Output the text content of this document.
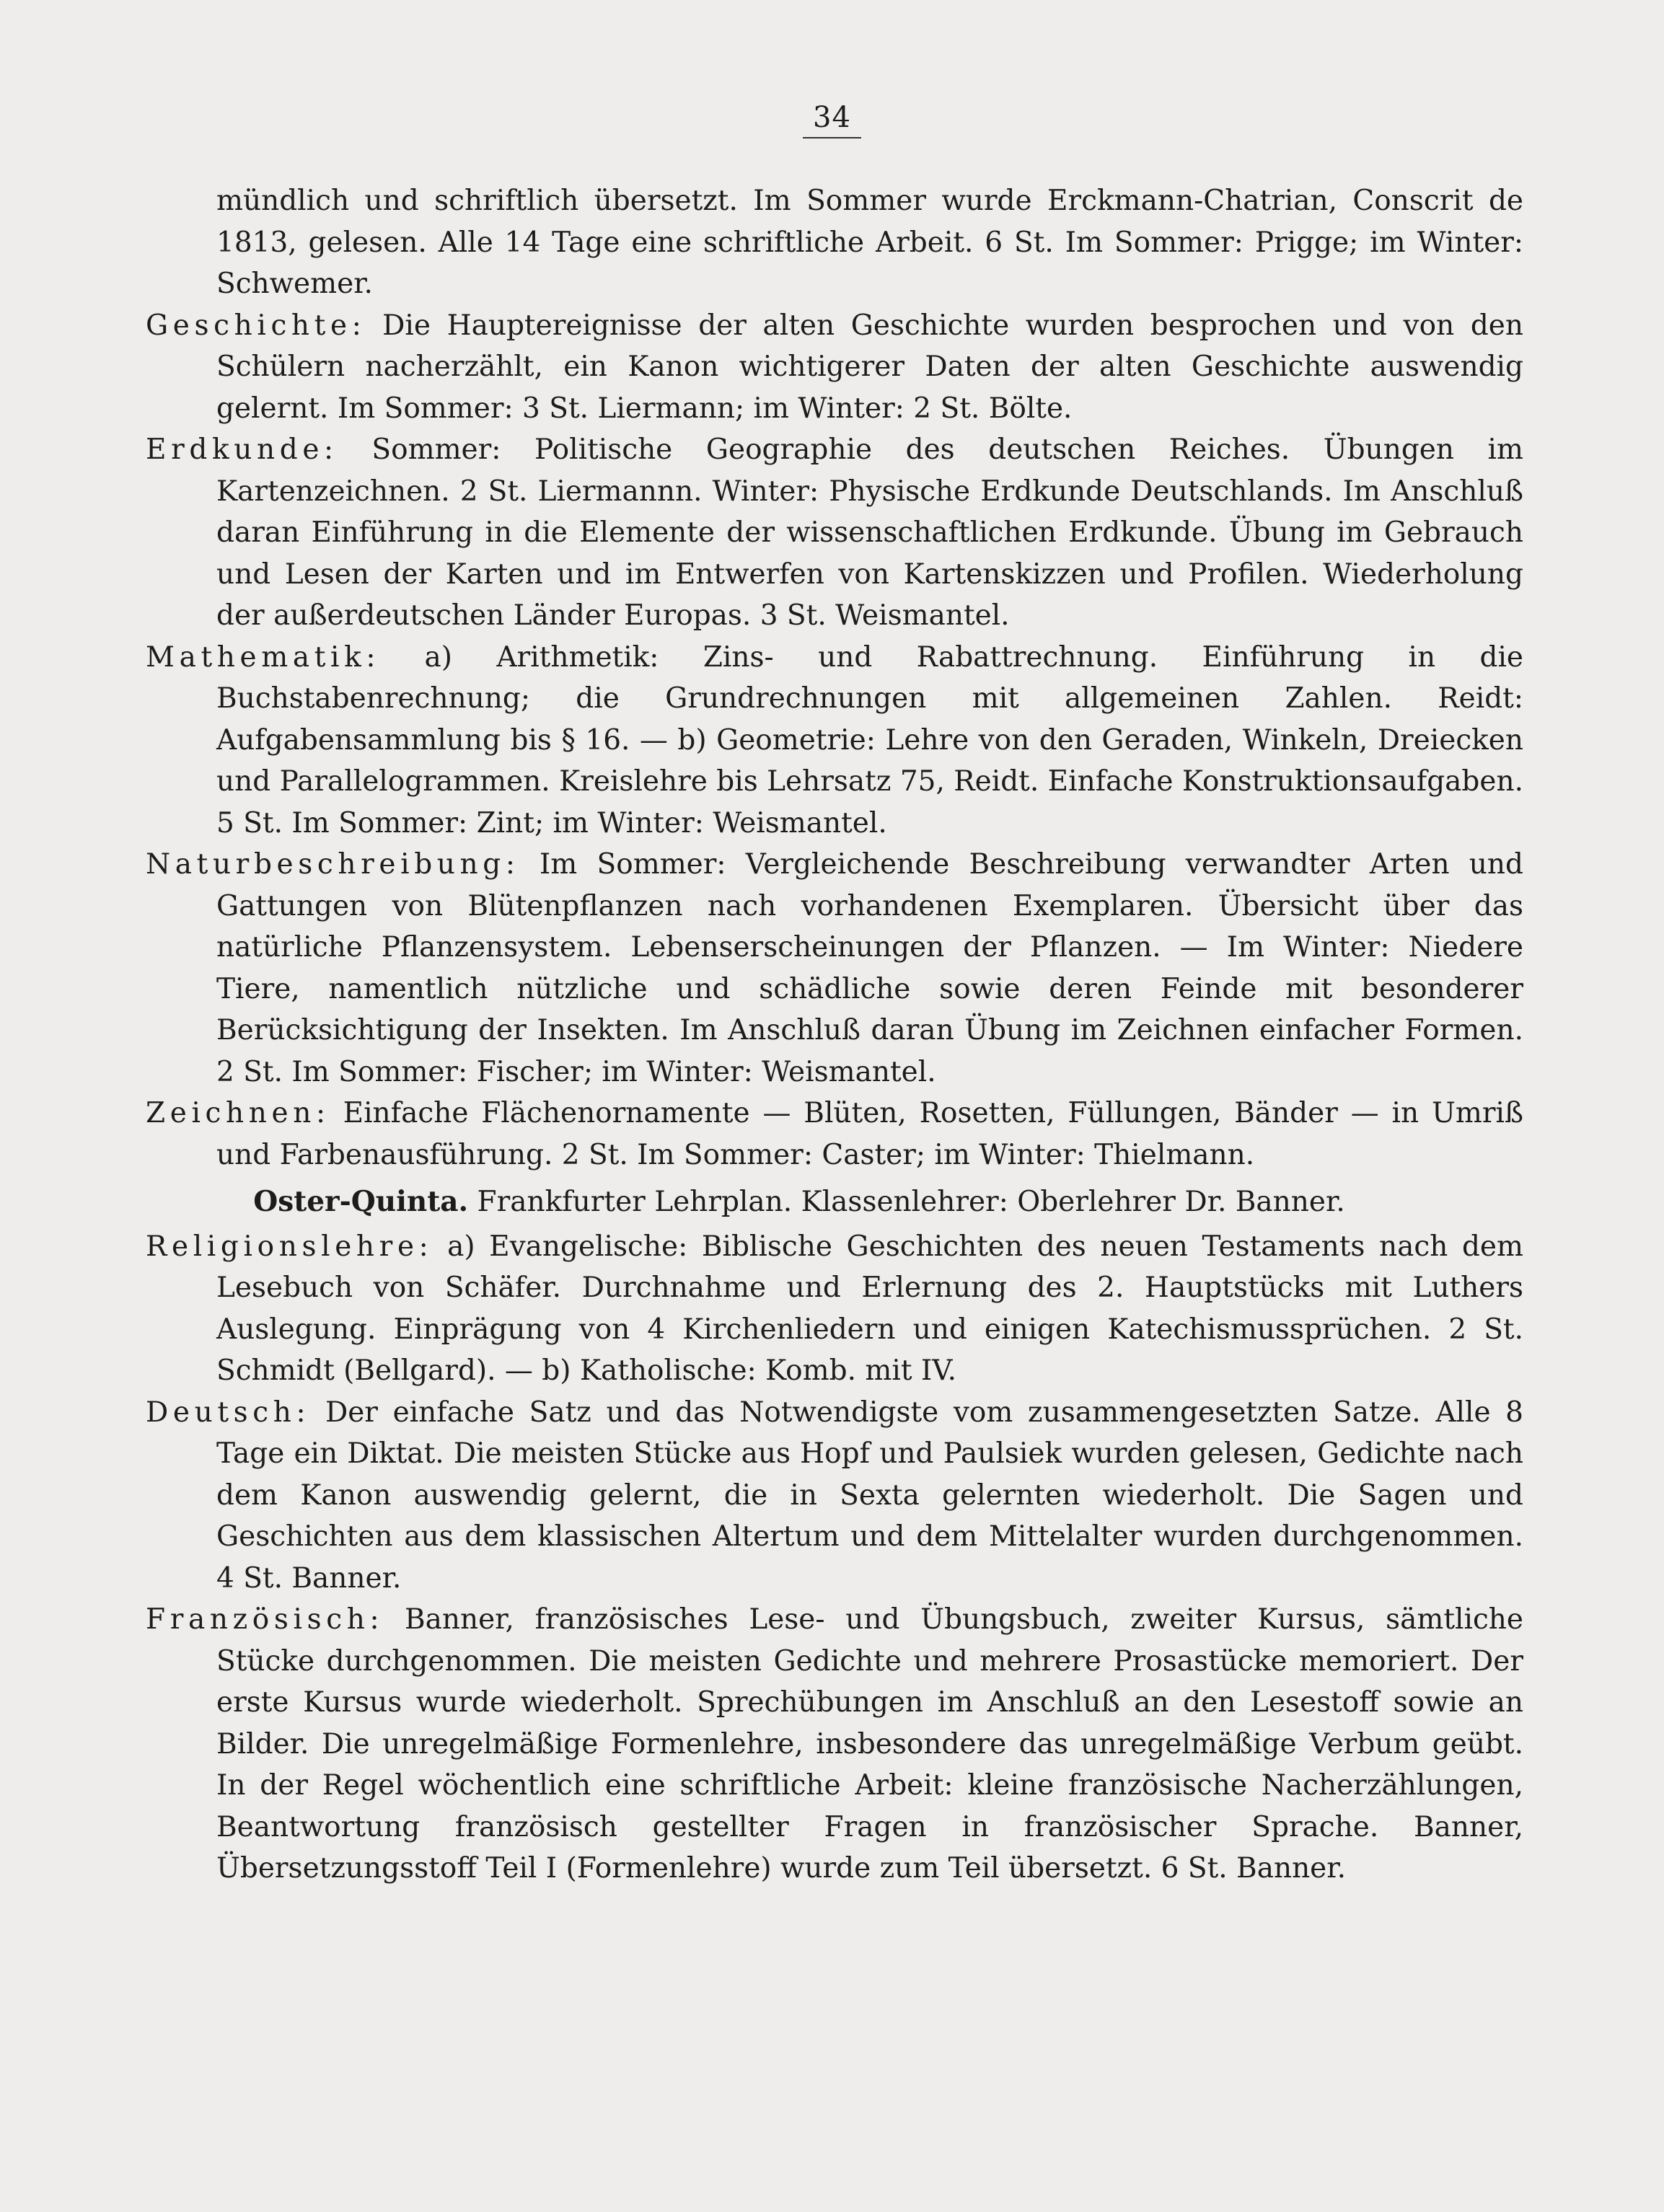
34

mündlich und schriftlich übersetzt. Im Sommer wurde Erckmann-Chatrian, Conscrit de 1813, gelesen. Alle 14 Tage eine schriftliche Arbeit. 6 St. Im Sommer: Prigge; im Winter: Schwemer.

Geschichte: Die Hauptereignisse der alten Geschichte wurden besprochen und von den Schülern nacherzählt, ein Kanon wichtigerer Daten der alten Geschichte auswendig gelernt. Im Sommer: 3 St. Liermann; im Winter: 2 St. Bölte.

Erdkunde: Sommer: Politische Geographie des deutschen Reiches. Übungen im Kartenzeichnen. 2 St. Liermannn. Winter: Physische Erdkunde Deutschlands. Im Anschluß daran Einführung in die Elemente der wissenschaftlichen Erdkunde. Übung im Gebrauch und Lesen der Karten und im Entwerfen von Kartenskizzen und Profilen. Wiederholung der außerdeutschen Länder Europas. 3 St. Weismantel.

Mathematik: a) Arithmetik: Zins- und Rabattrechnung. Einführung in die Buchstabenrechnung; die Grundrechnungen mit allgemeinen Zahlen. Reidt: Aufgabensammlung bis § 16. — b) Geometrie: Lehre von den Geraden, Winkeln, Dreiecken und Parallelogrammen. Kreislehre bis Lehrsatz 75, Reidt. Einfache Konstruktionsaufgaben. 5 St. Im Sommer: Zint; im Winter: Weismantel.

Naturbeschreibung: Im Sommer: Vergleichende Beschreibung verwandter Arten und Gattungen von Blütenpflanzen nach vorhandenen Exemplaren. Übersicht über das natürliche Pflanzensystem. Lebenserscheinungen der Pflanzen. — Im Winter: Niedere Tiere, namentlich nützliche und schädliche sowie deren Feinde mit besonderer Berücksichtigung der Insekten. Im Anschluß daran Übung im Zeichnen einfacher Formen. 2 St. Im Sommer: Fischer; im Winter: Weismantel.

Zeichnen: Einfache Flächenornamente — Blüten, Rosetten, Füllungen, Bänder — in Umriß und Farbenausführung. 2 St. Im Sommer: Caster; im Winter: Thielmann.

Oster-Quinta. Frankfurter Lehrplan. Klassenlehrer: Oberlehrer Dr. Banner.

Religionslehre: a) Evangelische: Biblische Geschichten des neuen Testaments nach dem Lesebuch von Schäfer. Durchnahme und Erlernung des 2. Hauptstücks mit Luthers Auslegung. Einprägung von 4 Kirchenliedern und einigen Katechismussprüchen. 2 St. Schmidt (Bellgard). — b) Katholische: Komb. mit IV.

Deutsch: Der einfache Satz und das Notwendigste vom zusammengesetzten Satze. Alle 8 Tage ein Diktat. Die meisten Stücke aus Hopf und Paulsiek wurden gelesen, Gedichte nach dem Kanon auswendig gelernt, die in Sexta gelernten wiederholt. Die Sagen und Geschichten aus dem klassischen Altertum und dem Mittelalter wurden durchgenommen. 4 St. Banner.

Französisch: Banner, französisches Lese- und Übungsbuch, zweiter Kursus, sämtliche Stücke durchgenommen. Die meisten Gedichte und mehrere Prosastücke memoriert. Der erste Kursus wurde wiederholt. Sprechübungen im Anschluß an den Lesestoff sowie an Bilder. Die unregelmäßige Formenlehre, insbesondere das unregelmäßige Verbum geübt. In der Regel wöchentlich eine schriftliche Arbeit: kleine französische Nacherzählungen, Beantwortung französisch gestellter Fragen in französischer Sprache. Banner, Übersetzungsstoff Teil I (Formenlehre) wurde zum Teil übersetzt. 6 St. Banner.
